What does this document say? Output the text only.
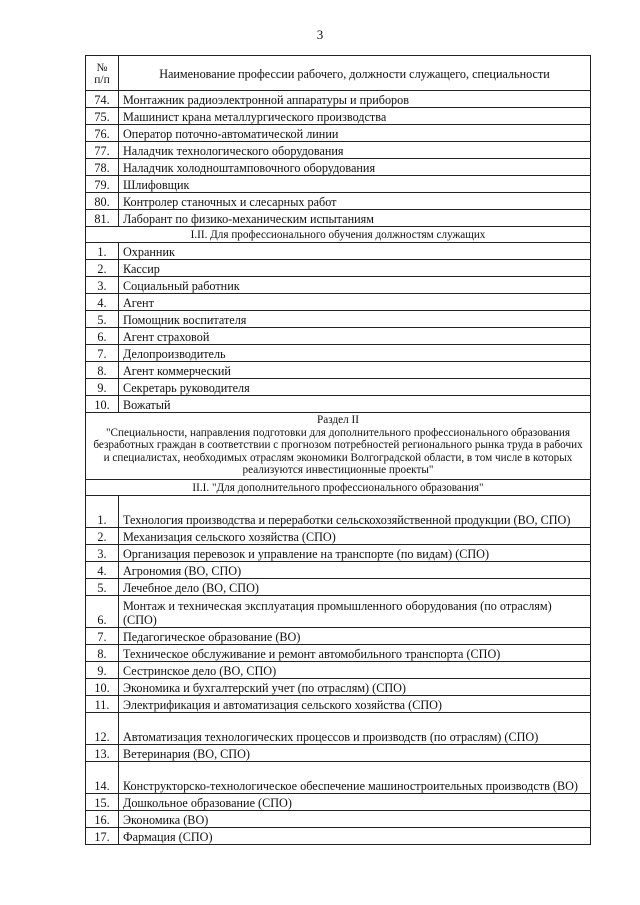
3
№
п/п	Наименование профессии рабочего, должности служащего, специальности
74.	Монтажник радиоэлектронной аппаратуры и приборов
75.	Машинист крана металлургического производства
76.	Оператор поточно-автоматической линии
77.	Наладчик технологического оборудования
78.	Наладчик холодноштамповочного оборудования
79.	Шлифовщик
80.	Контролер станочных и слесарных работ
81.	Лаборант по физико-механическим испытаниям
I.II. Для профессионального обучения должностям служащих	
1.	Охранник
2.	Кассир
3.	Социальный работник
4.	Агент
5.	Помощник воспитателя
6.	Агент страховой
7.	Делопроизводитель
8.	Агент коммерческий
9.	Секретарь руководителя
10.	Вожатый

Раздел II
"Специальности, направления подготовки для дополнительного профессионального образования безработных граждан в соответствии с прогнозом потребностей регионального рынка труда в рабочих и специалистах, необходимых отраслям экономики Волгоградской области, в том числе в которых реализуются инвестиционные проекты"	

II.I. "Для дополнительного профессионального образования"	
1.	Технология производства и переработки сельскохозяйственной продукции (ВО, СПО)
2.	Механизация сельского хозяйства (СПО)
3.	Организация перевозок и управление на транспорте (по видам) (СПО)
4.	Агрономия (ВО, СПО)
5.	Лечебное дело (ВО, СПО)
6.	Монтаж и техническая эксплуатация промышленного оборудования (по отраслям) (СПО)
7.	Педагогическое образование (ВО)
8.	Техническое обслуживание и ремонт автомобильного транспорта (СПО)
9.	Сестринское дело (ВО, СПО)
10.	Экономика и бухгалтерский учет (по отраслям) (СПО)
11.	Электрификация и автоматизация сельского хозяйства (СПО)
12.	Автоматизация технологических процессов и производств (по отраслям) (СПО)
13.	Ветеринария (ВО, СПО)
14.	Конструкторско-технологическое обеспечение машиностроительных производств (ВО)
15.	Дошкольное образование (СПО)
16.	Экономика (ВО)
17.	Фармация (СПО)
